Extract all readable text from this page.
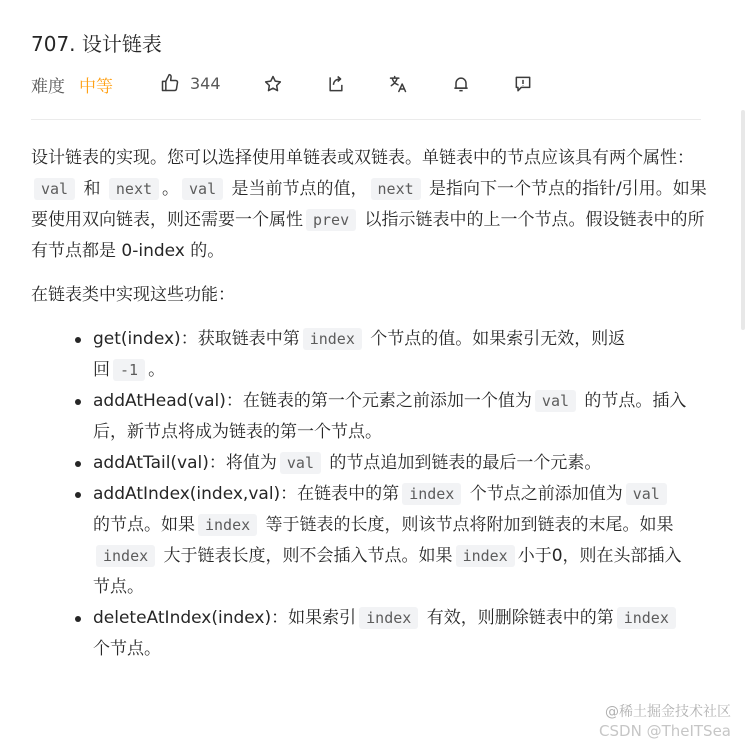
707. 设计链表
难度 中等	344

设计链表的实现。您可以选择使用单链表或双链表。单链表中的节点应该具有两个属性：val 和 next 。 val 是当前节点的值， next 是指向下一个节点的指针/引用。如果要使用双向链表，则还需要一个属性 prev 以指示链表中的上一个节点。假设链表中的所有节点都是 0-index 的。

在链表类中实现这些功能：

get(index)：获取链表中第 index 个节点的值。如果索引无效，则返回 -1 。
addAtHead(val)：在链表的第一个元素之前添加一个值为 val 的节点。插入后，新节点将成为链表的第一个节点。
addAtTail(val)：将值为 val 的节点追加到链表的最后一个元素。
addAtIndex(index,val)：在链表中的第 index 个节点之前添加值为 val 的节点。如果 index 等于链表的长度，则该节点将附加到链表的末尾。如果index 大于链表长度，则不会插入节点。如果 index 小于0，则在头部插入节点。
deleteAtIndex(index)：如果索引 index 有效，则删除链表中的第 index 个节点。
@稀土掘金技术社区
CSDN @TheITSea
